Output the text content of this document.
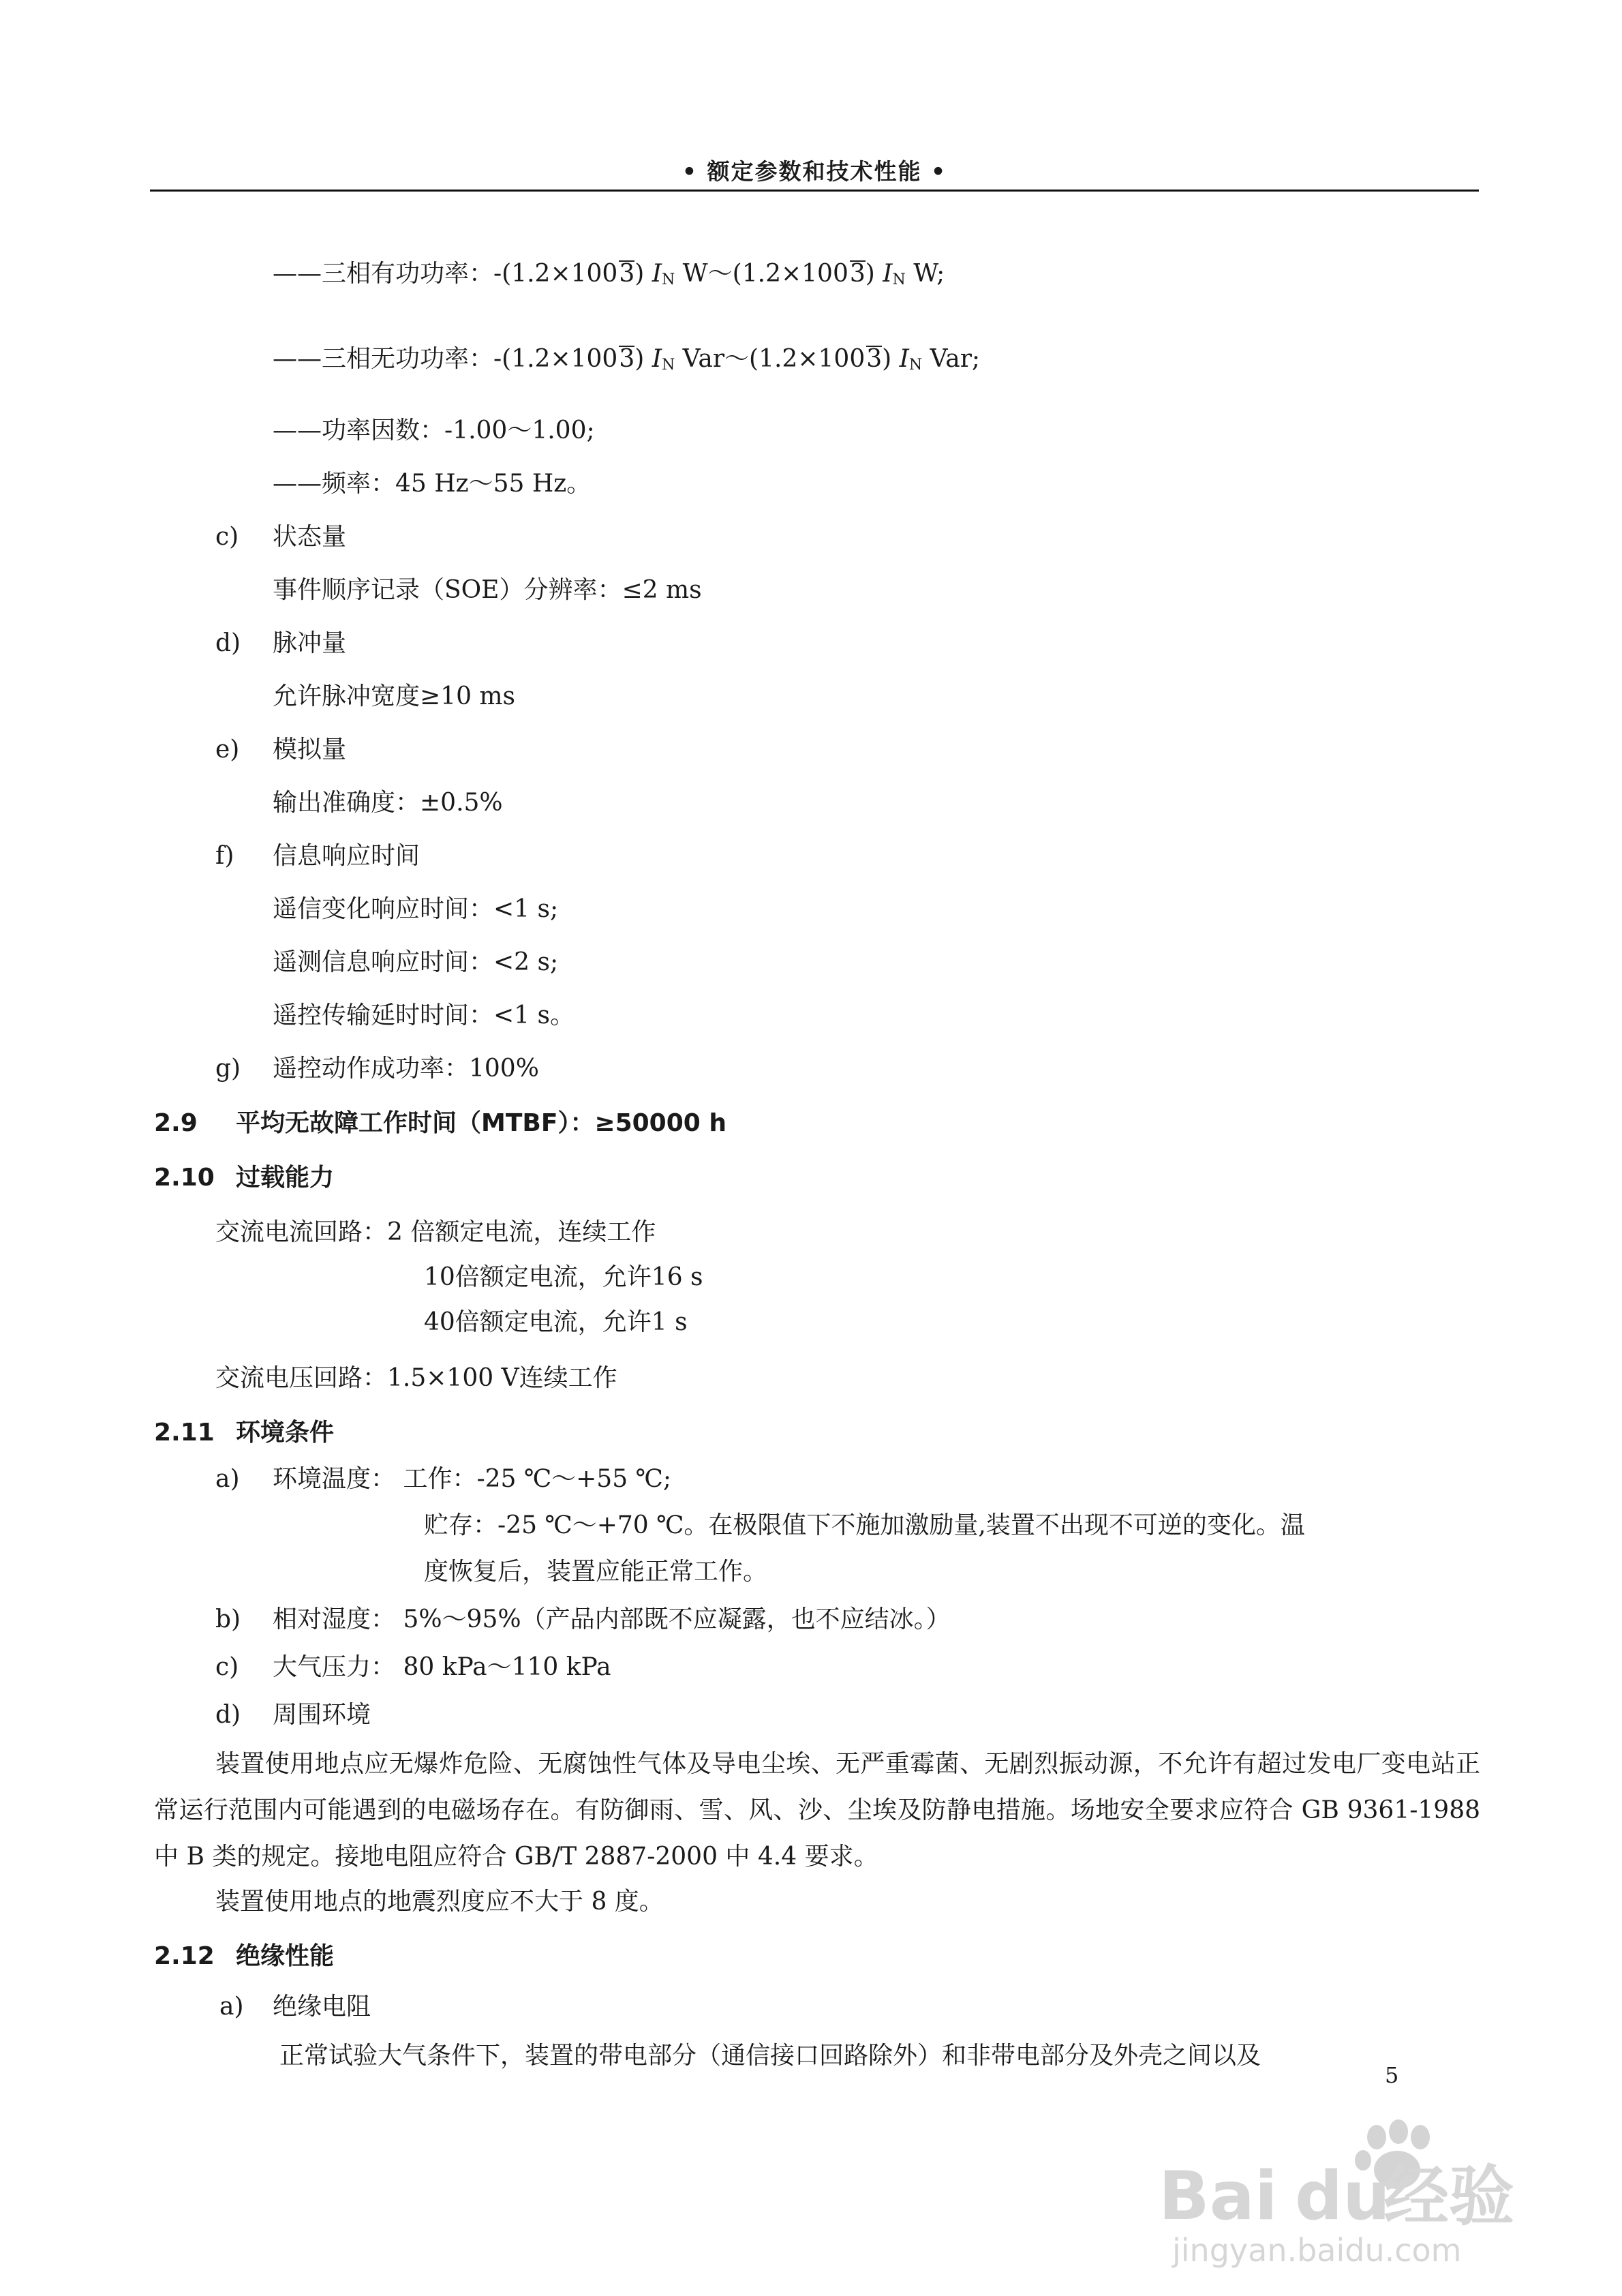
• 额定参数和技术性能 •
——三相有功功率：-(1.2×1003) IN W～(1.2×1003) IN W;
——三相无功功率：-(1.2×1003) IN Var～(1.2×1003) IN Var;
——功率因数：-1.00～1.00;
——频率：45 Hz～55 Hz。
c) 状态量
事件顺序记录（SOE）分辨率：≤2 ms
d) 脉冲量
允许脉冲宽度≥10 ms
e) 模拟量
输出准确度：±0.5%
f) 信息响应时间
遥信变化响应时间：<1 s;
遥测信息响应时间：<2 s;
遥控传输延时时间：<1 s。
g) 遥控动作成功率：100%
2.9 平均无故障工作时间（MTBF）：≥50000 h
2.10 过载能力
交流电流回路：2 倍额定电流，连续工作
10倍额定电流，允许16 s
40倍额定电流，允许1 s
交流电压回路：1.5×100 V连续工作
2.11 环境条件
a) 环境温度： 工作：-25 ℃～+55 ℃;
贮存：-25 ℃～+70 ℃。在极限值下不施加激励量,装置不出现不可逆的变化。温
度恢复后，装置应能正常工作。
b) 相对湿度： 5%～95%（产品内部既不应凝露，也不应结冰。）
c) 大气压力： 80 kPa～110 kPa
d) 周围环境
装置使用地点应无爆炸危险、无腐蚀性气体及导电尘埃、无严重霉菌、无剧烈振动源，不允许有超过发电厂变电站正常运行范围内可能遇到的电磁场存在。有防御雨、雪、风、沙、尘埃及防静电措施。场地安全要求应符合 GB 9361-1988 中 B 类的规定。接地电阻应符合 GB/T 2887-2000 中 4.4 要求。
装置使用地点的地震烈度应不大于 8 度。
2.12 绝缘性能
a) 绝缘电阻
正常试验大气条件下，装置的带电部分（通信接口回路除外）和非带电部分及外壳之间以及
5
Bai du
经验
jingyan.baidu.com
